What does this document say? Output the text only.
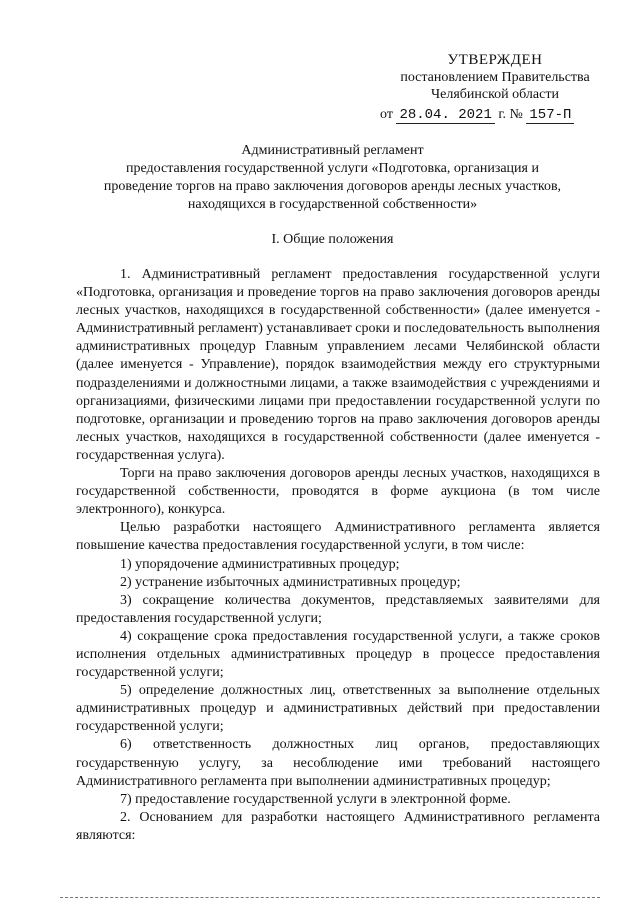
УТВЕРЖДЕН
постановлением Правительства
Челябинской области
от 28.04. 2021 г. № 157-П
Административный регламент
предоставления государственной услуги «Подготовка, организация и
проведение торгов на право заключения договоров аренды лесных участков,
находящихся в государственной собственности»
I. Общие положения

1. Административный регламент предоставления государственной услуги «Подготовка, организация и проведение торгов на право заключения договоров аренды лесных участков, находящихся в государственной собственности» (далее именуется - Административный регламент) устанавливает сроки и последовательность выполнения административных процедур Главным управлением лесами Челябинской области (далее именуется - Управление), порядок взаимодействия между его структурными подразделениями и должностными лицами, а также взаимодействия с учреждениями и организациями, физическими лицами при предоставлении государственной услуги по подготовке, организации и проведению торгов на право заключения договоров аренды лесных участков, находящихся в государственной собственности (далее именуется - государственная услуга).

Торги на право заключения договоров аренды лесных участков, находящихся в государственной собственности, проводятся в форме аукциона (в том числе электронного), конкурса.

Целью разработки настоящего Административного регламента является повышение качества предоставления государственной услуги, в том числе:

1) упорядочение административных процедур;

2) устранение избыточных административных процедур;

3) сокращение количества документов, представляемых заявителями для предоставления государственной услуги;

4) сокращение срока предоставления государственной услуги, а также сроков исполнения отдельных административных процедур в процессе предоставления государственной услуги;

5) определение должностных лиц, ответственных за выполнение отдельных административных процедур и административных действий при предоставлении государственной услуги;

6) ответственность должностных лиц органов, предоставляющих государственную услугу, за несоблюдение ими требований настоящего Административного регламента при выполнении административных процедур;

7) предоставление государственной услуги в электронной форме.

2. Основанием для разработки настоящего Административного регламента являются:
